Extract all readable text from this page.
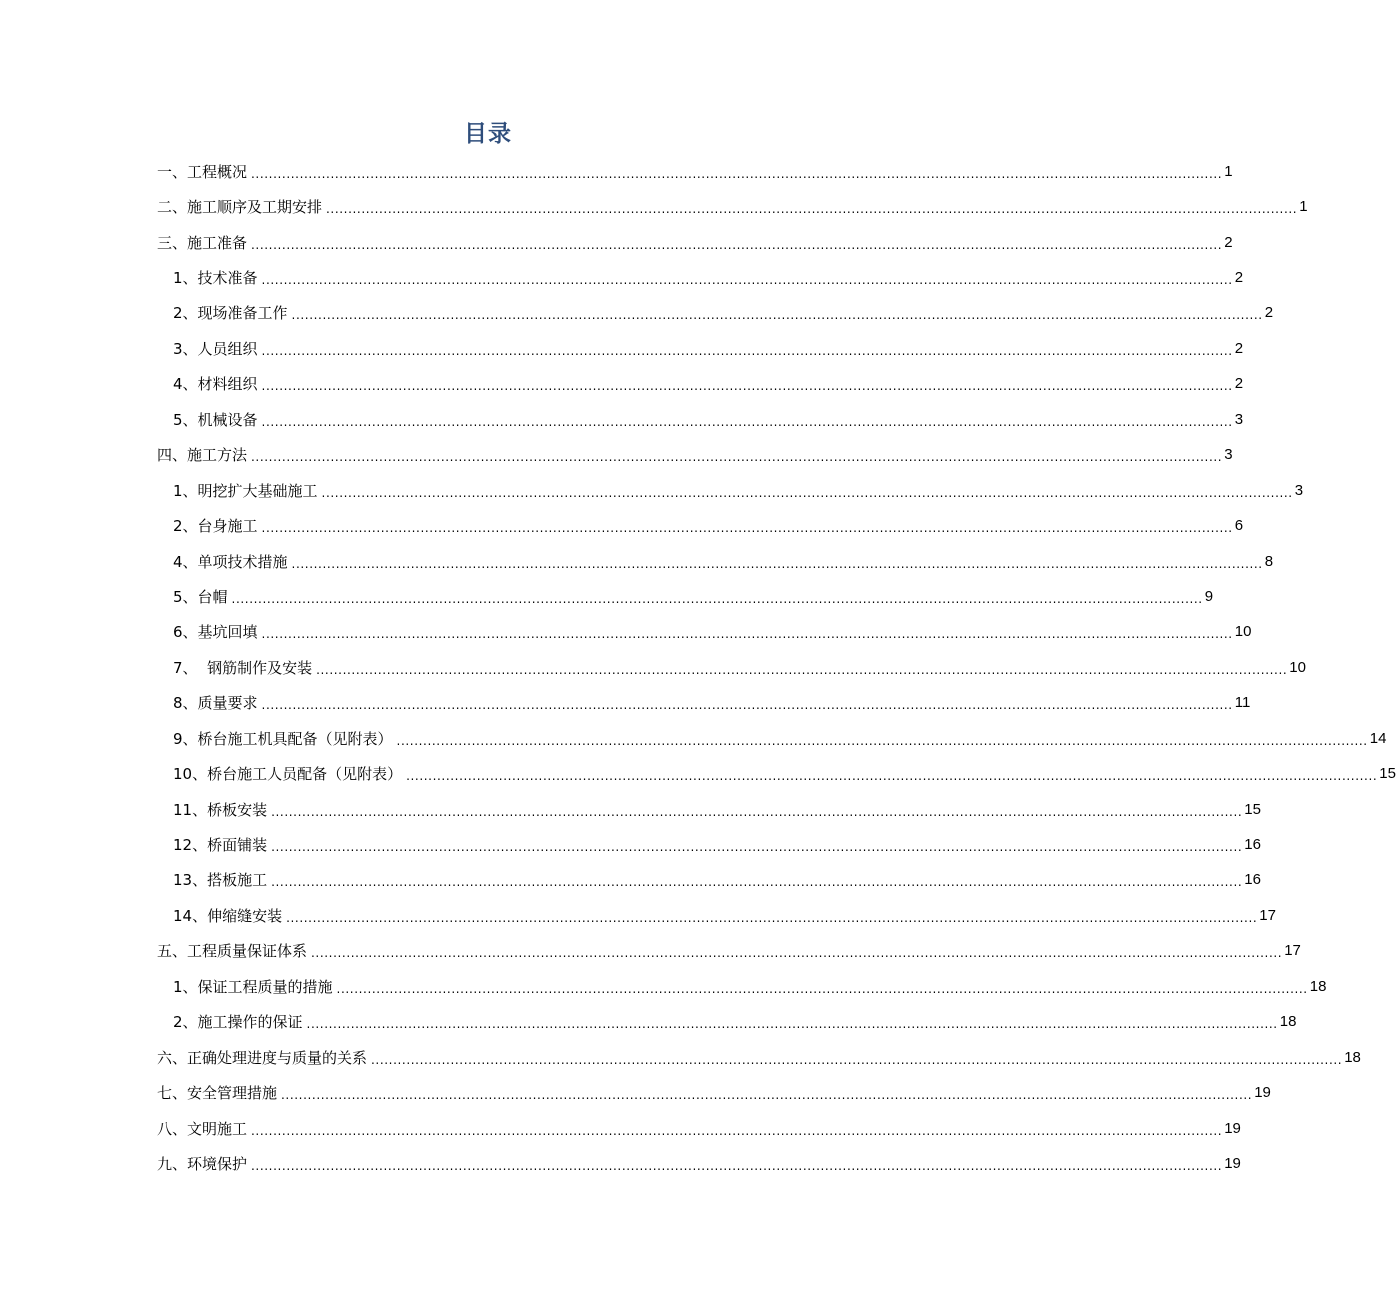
目录
一、工程概况 ............................................................................................................................................................................................................................ 1
二、施工顺序及工期安排 ............................................................................................................................................................................................................................ 1
三、施工准备 ............................................................................................................................................................................................................................ 2
1、技术准备 ............................................................................................................................................................................................................................ 2
2、现场准备工作 ............................................................................................................................................................................................................................ 2
3、人员组织 ............................................................................................................................................................................................................................ 2
4、材料组织 ............................................................................................................................................................................................................................ 2
5、机械设备 ............................................................................................................................................................................................................................ 3
四、施工方法 ............................................................................................................................................................................................................................ 3
1、明挖扩大基础施工 ............................................................................................................................................................................................................................ 3
2、台身施工 ............................................................................................................................................................................................................................ 6
4、单项技术措施 ............................................................................................................................................................................................................................ 8
5、台帽 ............................................................................................................................................................................................................................ 9
6、基坑回填 ............................................................................................................................................................................................................................ 10
7、  钢筋制作及安装 ............................................................................................................................................................................................................................ 10
8、质量要求 ............................................................................................................................................................................................................................ 11
9、桥台施工机具配备（见附表） ............................................................................................................................................................................................................................ 14
10、桥台施工人员配备（见附表） ............................................................................................................................................................................................................................ 15
11、桥板安装 ............................................................................................................................................................................................................................ 15
12、桥面铺装 ............................................................................................................................................................................................................................ 16
13、搭板施工 ............................................................................................................................................................................................................................ 16
14、伸缩缝安装 ............................................................................................................................................................................................................................ 17
五、工程质量保证体系 ............................................................................................................................................................................................................................ 17
1、保证工程质量的措施 ............................................................................................................................................................................................................................ 18
2、施工操作的保证 ............................................................................................................................................................................................................................ 18
六、正确处理进度与质量的关系 ............................................................................................................................................................................................................................ 18
七、安全管理措施 ............................................................................................................................................................................................................................ 19
八、文明施工 ............................................................................................................................................................................................................................ 19
九、环境保护 ............................................................................................................................................................................................................................ 19
